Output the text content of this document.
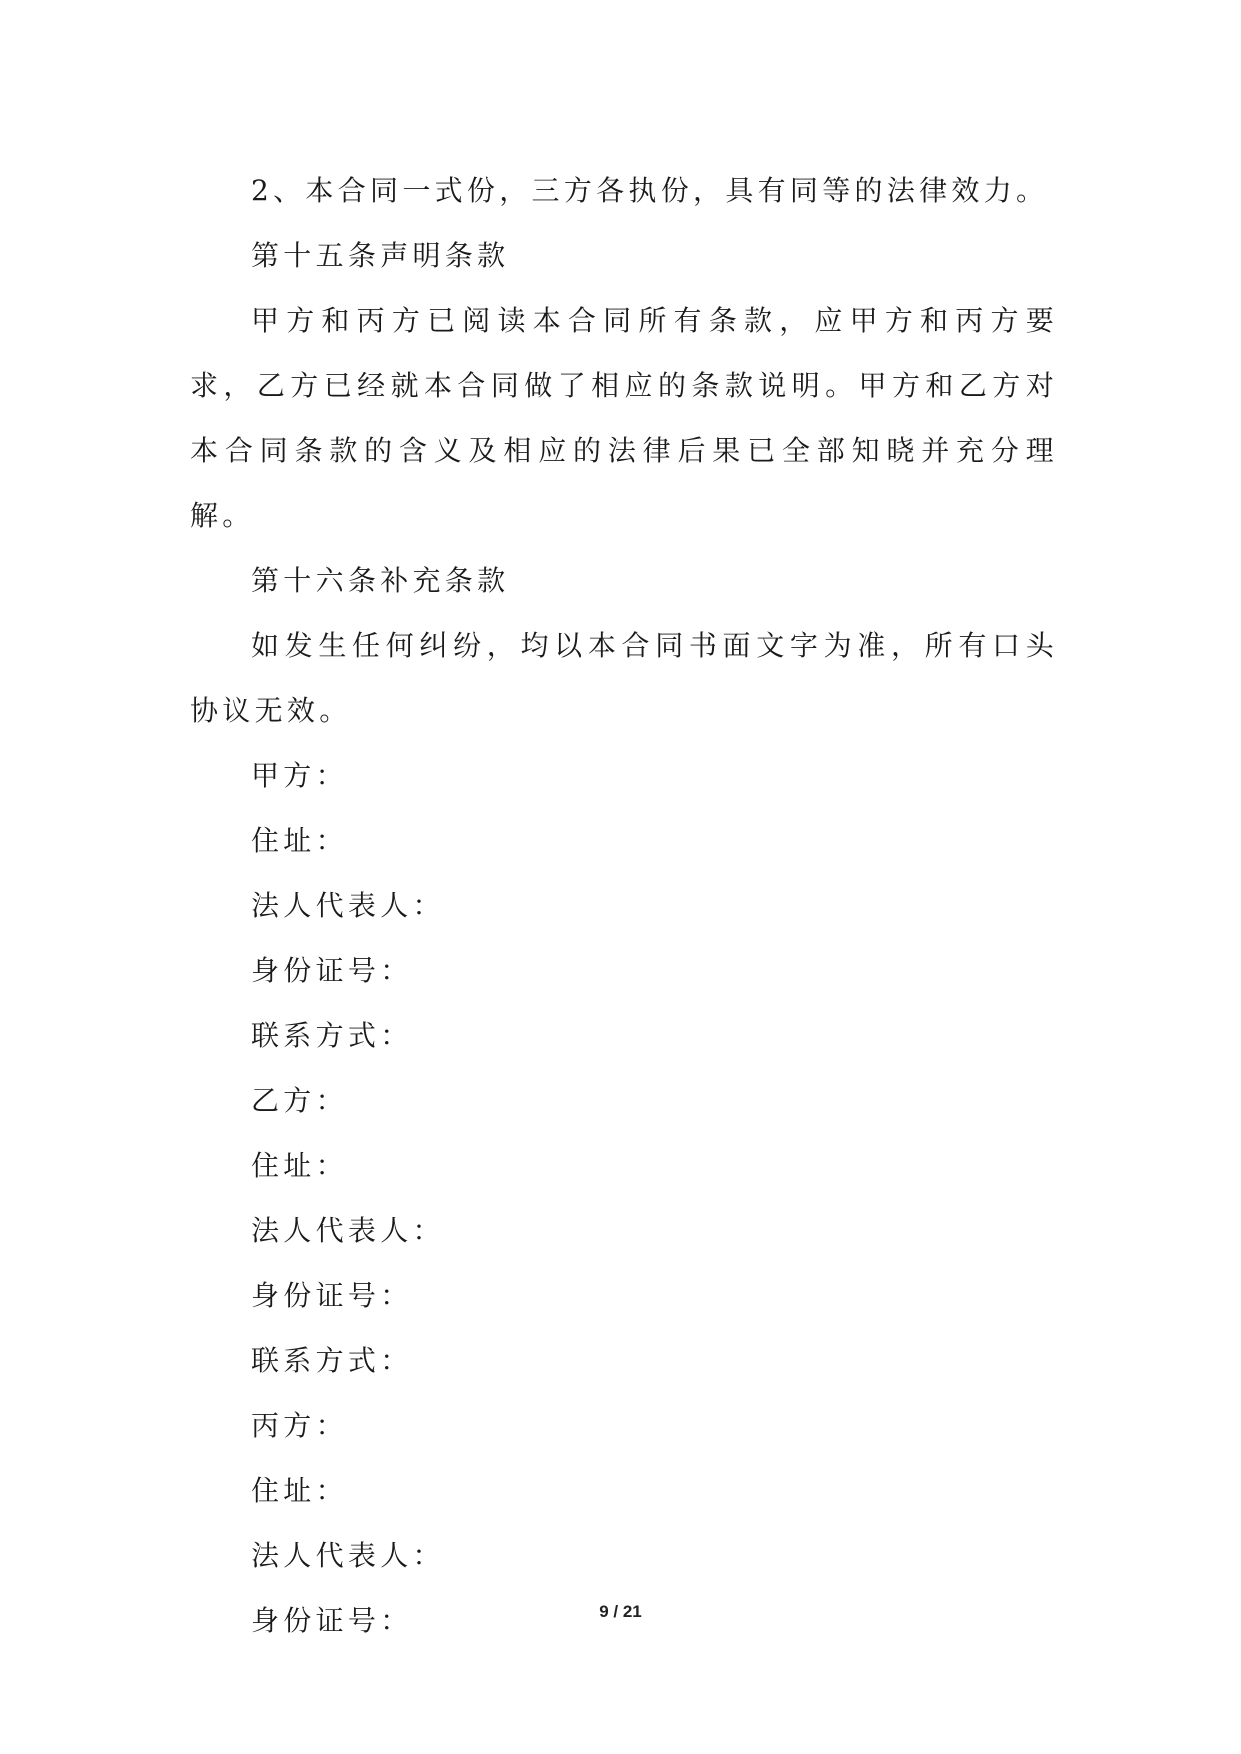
2、本合同一式份，三方各执份，具有同等的法律效力。

第十五条声明条款

甲方和丙方已阅读本合同所有条款，应甲方和丙方要求，乙方已经就本合同做了相应的条款说明。甲方和乙方对本合同条款的含义及相应的法律后果已全部知晓并充分理解。

第十六条补充条款

如发生任何纠纷，均以本合同书面文字为准，所有口头协议无效。

甲方：

住址：

法人代表人：

身份证号：

联系方式：

乙方：

住址：

法人代表人：

身份证号：

联系方式：

丙方：

住址：

法人代表人：

身份证号：	9 / 21
